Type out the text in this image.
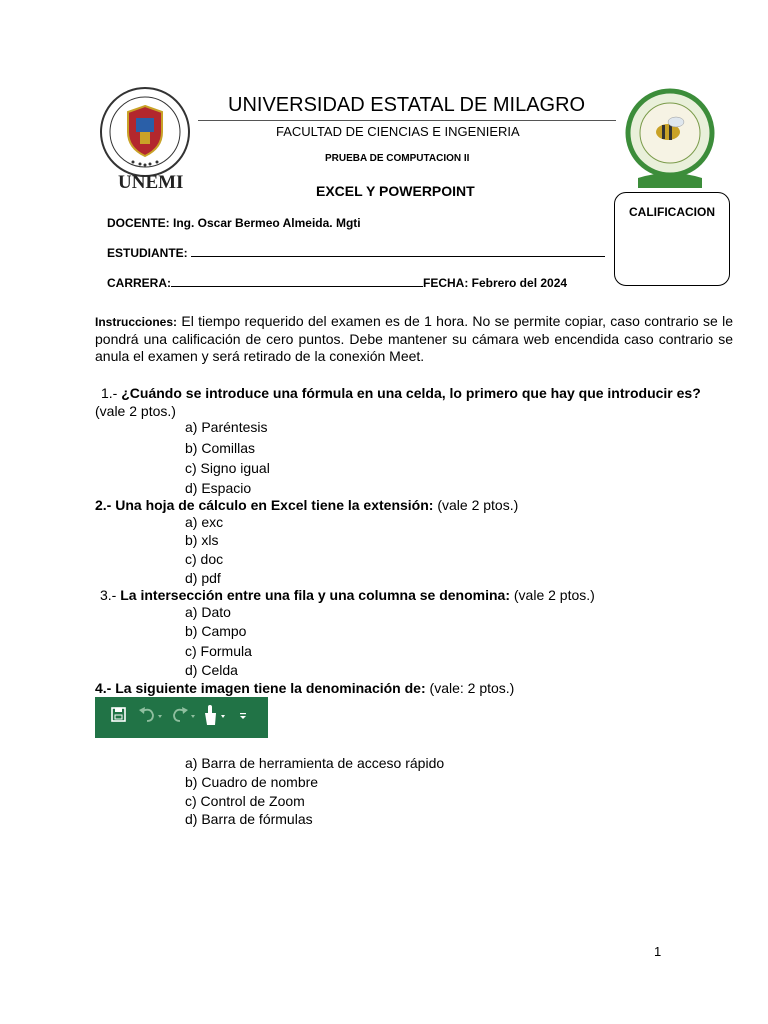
UNEMI
UNIVERSIDAD ESTATAL DE MILAGRO
FACULTAD DE CIENCIAS E INGENIERIA
PRUEBA DE COMPUTACION II
EXCEL Y POWERPOINT
CALIFICACION
DOCENTE: Ing. Oscar Bermeo Almeida. Mgti
ESTUDIANTE:
CARRERA:	FECHA: Febrero del 2024
Instrucciones: El tiempo requerido del examen es de 1 hora. No se permite copiar, caso contrario se le pondrá una calificación de cero puntos. Debe mantener su cámara web encendida caso contrario se anula el examen y será retirado de la conexión Meet.
1.- ¿Cuándo se introduce una fórmula en una celda, lo primero que hay que introducir es?
(vale 2 ptos.)
a) Paréntesis
b) Comillas
c) Signo igual
d) Espacio
2.- Una hoja de cálculo en Excel tiene la extensión: (vale 2 ptos.)
a) exc
b) xls
c) doc
d) pdf
3.- La intersección entre una fila y una columna se denomina: (vale 2 ptos.)
a) Dato
b) Campo
c) Formula
d) Celda
4.- La siguiente imagen tiene la denominación de: (vale: 2 ptos.)
a) Barra de herramienta de acceso rápido
b) Cuadro de nombre
c) Control de Zoom
d) Barra de fórmulas
1
